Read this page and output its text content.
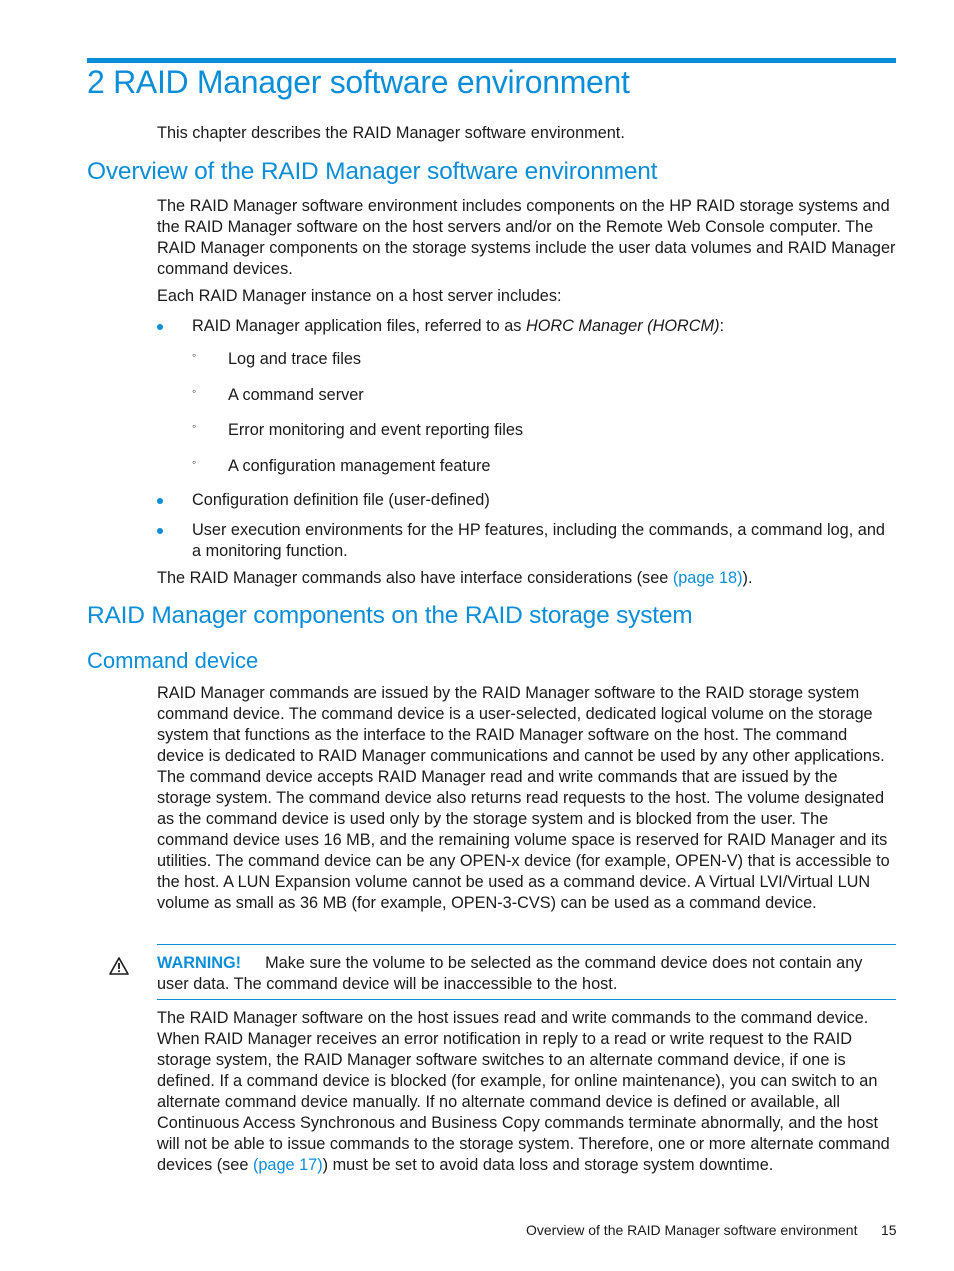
2 RAID Manager software environment
This chapter describes the RAID Manager software environment.
Overview of the RAID Manager software environment
The RAID Manager software environment includes components on the HP RAID storage systems and the RAID Manager software on the host servers and/or on the Remote Web Console computer. The RAID Manager components on the storage systems include the user data volumes and RAID Manager command devices.
Each RAID Manager instance on a host server includes:
RAID Manager application files, referred to as HORC Manager (HORCM):
◦ Log and trace files
◦ A command server
◦ Error monitoring and event reporting files
◦ A configuration management feature
Configuration definition file (user-defined)
User execution environments for the HP features, including the commands, a command log, and a monitoring function.
The RAID Manager commands also have interface considerations (see (page 18)).
RAID Manager components on the RAID storage system
Command device
RAID Manager commands are issued by the RAID Manager software to the RAID storage system command device. The command device is a user-selected, dedicated logical volume on the storage system that functions as the interface to the RAID Manager software on the host. The command device is dedicated to RAID Manager communications and cannot be used by any other applications. The command device accepts RAID Manager read and write commands that are issued by the storage system. The command device also returns read requests to the host. The volume designated as the command device is used only by the storage system and is blocked from the user. The command device uses 16 MB, and the remaining volume space is reserved for RAID Manager and its utilities. The command device can be any OPEN-x device (for example, OPEN-V) that is accessible to the host. A LUN Expansion volume cannot be used as a command device. A Virtual LVI/Virtual LUN volume as small as 36 MB (for example, OPEN-3-CVS) can be used as a command device.
WARNING! Make sure the volume to be selected as the command device does not contain any user data. The command device will be inaccessible to the host.
The RAID Manager software on the host issues read and write commands to the command device. When RAID Manager receives an error notification in reply to a read or write request to the RAID storage system, the RAID Manager software switches to an alternate command device, if one is defined. If a command device is blocked (for example, for online maintenance), you can switch to an alternate command device manually. If no alternate command device is defined or available, all Continuous Access Synchronous and Business Copy commands terminate abnormally, and the host will not be able to issue commands to the storage system. Therefore, one or more alternate command devices (see (page 17)) must be set to avoid data loss and storage system downtime.
Overview of the RAID Manager software environment 15
